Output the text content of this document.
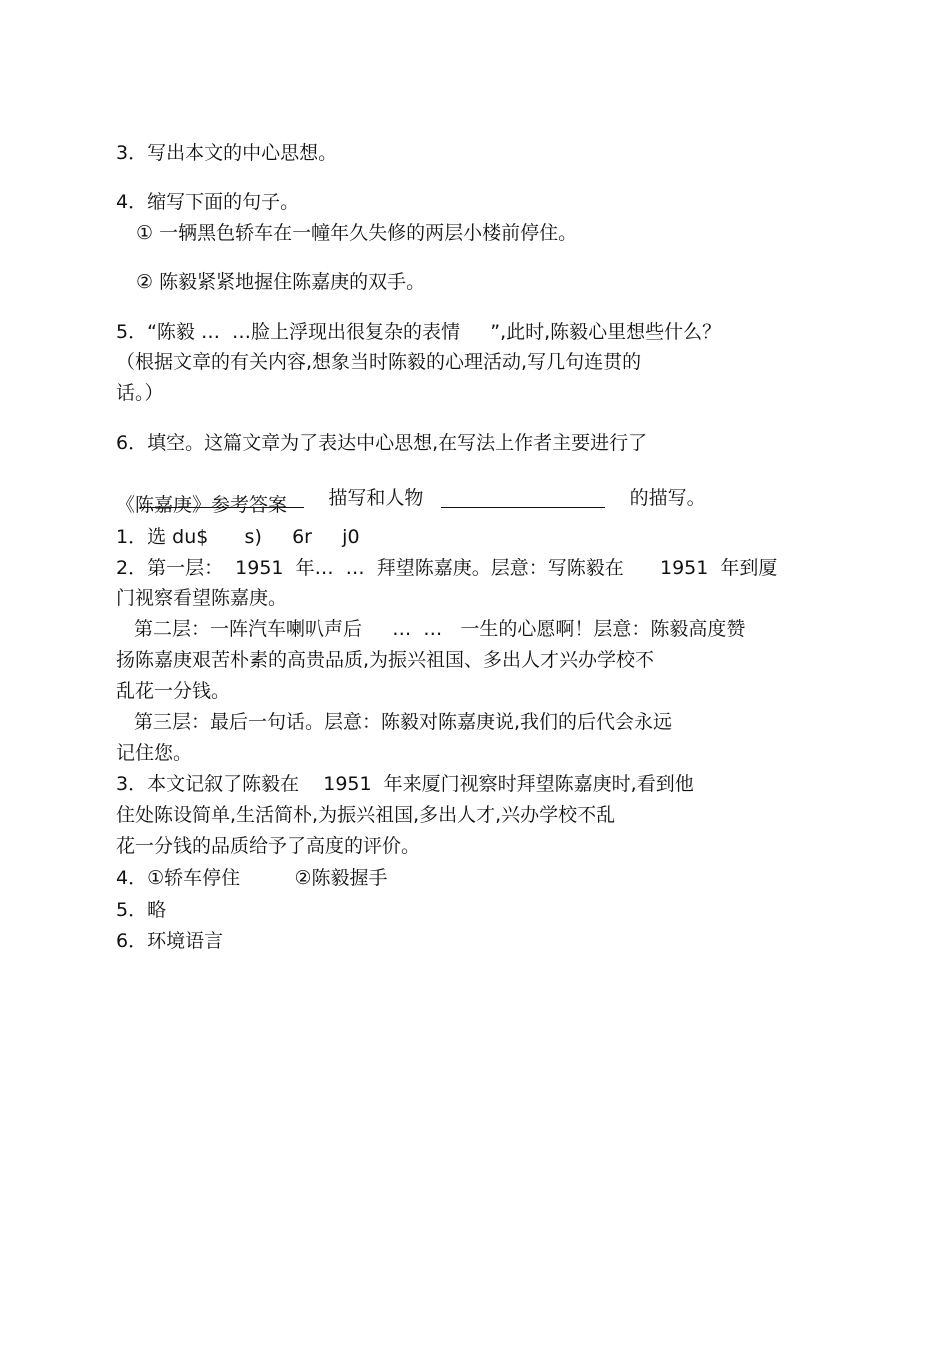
3．写出本文的中心思想。
4．缩写下面的句子。
① 一辆黑色轿车在一幢年久失修的两层小楼前停住。
② 陈毅紧紧地握住陈嘉庚的双手。
5．“陈毅 …  …脸上浮现出很复杂的表情     ”,此时,陈毅心里想些什么？
（根据文章的有关内容,想象当时陈毅的心理活动,写几句连贯的
话。）
6．填空。这篇文章为了表达中心思想,在写法上作者主要进行了

描写和人物	的描写。

《陈嘉庚》参考答案
1．选 du$      s)     6r     j0
2．第一层：  1951  年…  …  拜望陈嘉庚。层意：写陈毅在      1951  年到厦
门视察看望陈嘉庚。
第二层：一阵汽车喇叭声后     …  …   一生的心愿啊！层意：陈毅高度赞
扬陈嘉庚艰苦朴素的高贵品质,为振兴祖国、多出人才兴办学校不
乱花一分钱。
第三层：最后一句话。层意：陈毅对陈嘉庚说,我们的后代会永远
记住您。
3．本文记叙了陈毅在    1951  年来厦门视察时拜望陈嘉庚时,看到他
住处陈设简单,生活简朴,为振兴祖国,多出人才,兴办学校不乱
花一分钱的品质给予了高度的评价。
4．①轿车停住         ②陈毅握手
5．略
6．环境语言
